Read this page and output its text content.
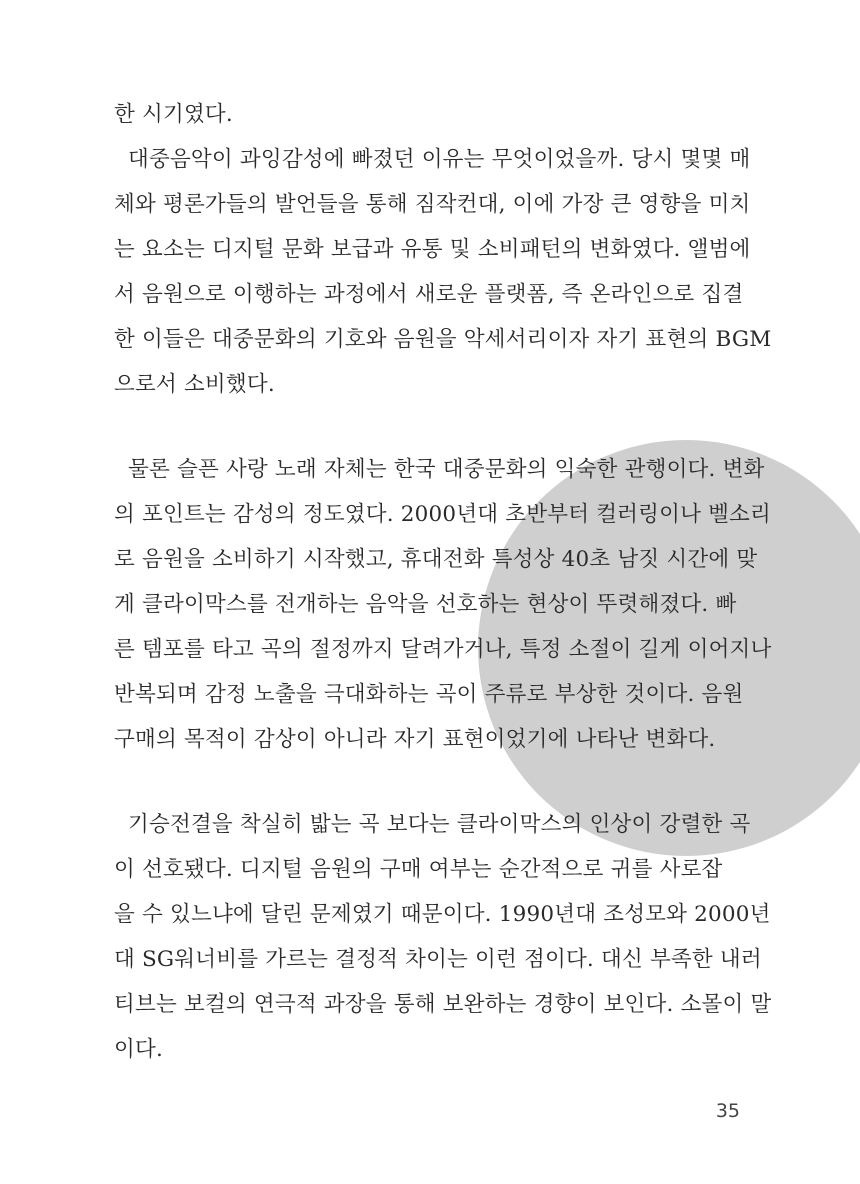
한 시기였다.
대중음악이 과잉감성에 빠졌던 이유는 무엇이었을까. 당시 몇몇 매
체와 평론가들의 발언들을 통해 짐작컨대, 이에 가장 큰 영향을 미치
는 요소는 디지털 문화 보급과 유통 및 소비패턴의 변화였다. 앨범에
서 음원으로 이행하는 과정에서 새로운 플랫폼, 즉 온라인으로 집결
한 이들은 대중문화의 기호와 음원을 악세서리이자 자기 표현의 BGM
으로서 소비했다.
물론 슬픈 사랑 노래 자체는 한국 대중문화의 익숙한 관행이다. 변화
의 포인트는 감성의 정도였다. 2000년대 초반부터 컬러링이나 벨소리
로 음원을 소비하기 시작했고, 휴대전화 특성상 40초 남짓 시간에 맞
게 클라이막스를 전개하는 음악을 선호하는 현상이 뚜렷해졌다. 빠
른 템포를 타고 곡의 절정까지 달려가거나, 특정 소절이 길게 이어지나
반복되며 감정 노출을 극대화하는 곡이 주류로 부상한 것이다. 음원
구매의 목적이 감상이 아니라 자기 표현이었기에 나타난 변화다.
기승전결을 착실히 밟는 곡 보다는 클라이막스의 인상이 강렬한 곡
이 선호됐다. 디지털 음원의 구매 여부는 순간적으로 귀를 사로잡
을 수 있느냐에 달린 문제였기 때문이다. 1990년대 조성모와 2000년
대 SG워너비를 가르는 결정적 차이는 이런 점이다. 대신 부족한 내러
티브는 보컬의 연극적 과장을 통해 보완하는 경향이 보인다. 소몰이 말
이다.
35
